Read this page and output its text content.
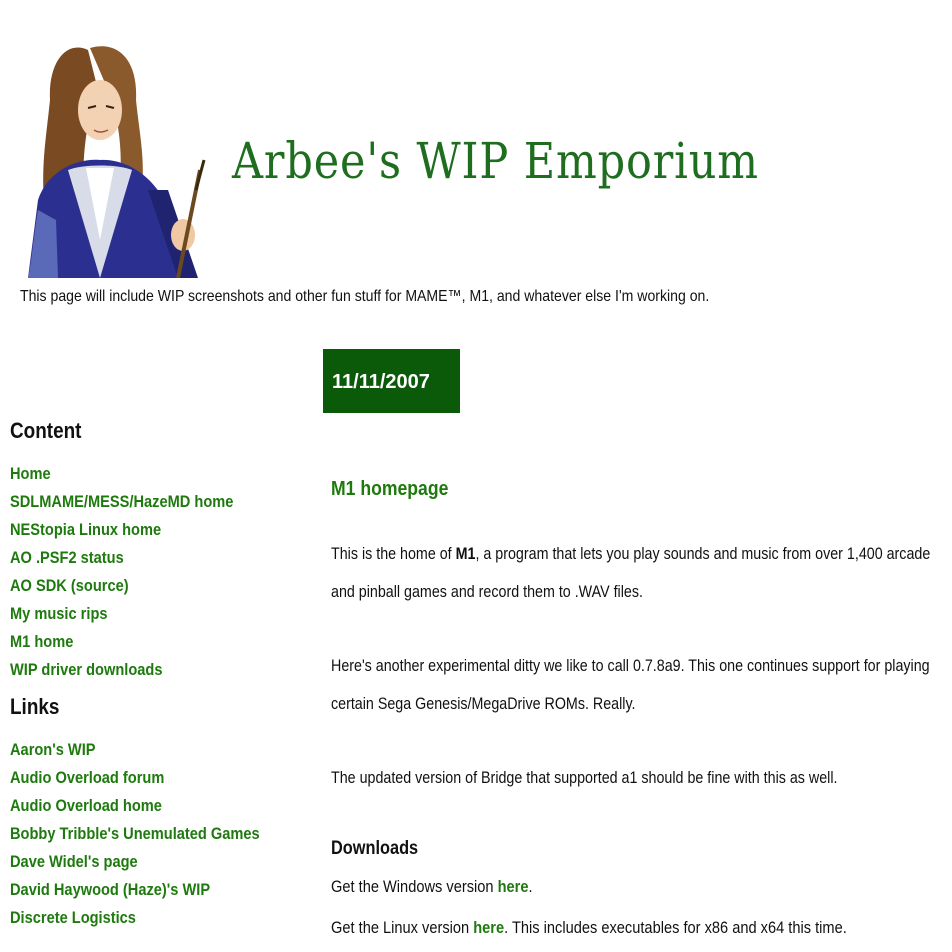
Arbee's WIP Emporium
This page will include WIP screenshots and other fun stuff for MAME™, M1, and whatever else I'm working on.
Content
Home
SDLMAME/MESS/HazeMD home
NEStopia Linux home
AO .PSF2 status
AO SDK (source)
My music rips
M1 home
WIP driver downloads
Links
Aaron's WIP
Audio Overload forum
Audio Overload home
Bobby Tribble's Unemulated Games
Dave Widel's page
David Haywood (Haze)'s WIP
Discrete Logistics
11/11/2007
M1 homepage
This is the home of M1, a program that lets you play sounds and music from over 1,400 arcade
and pinball games and record them to .WAV files.
Here's another experimental ditty we like to call 0.7.8a9. This one continues support for playing
certain Sega Genesis/MegaDrive ROMs. Really.
The updated version of Bridge that supported a1 should be fine with this as well.
Downloads
Get the Windows version here.
Get the Linux version here. This includes executables for x86 and x64 this time.
